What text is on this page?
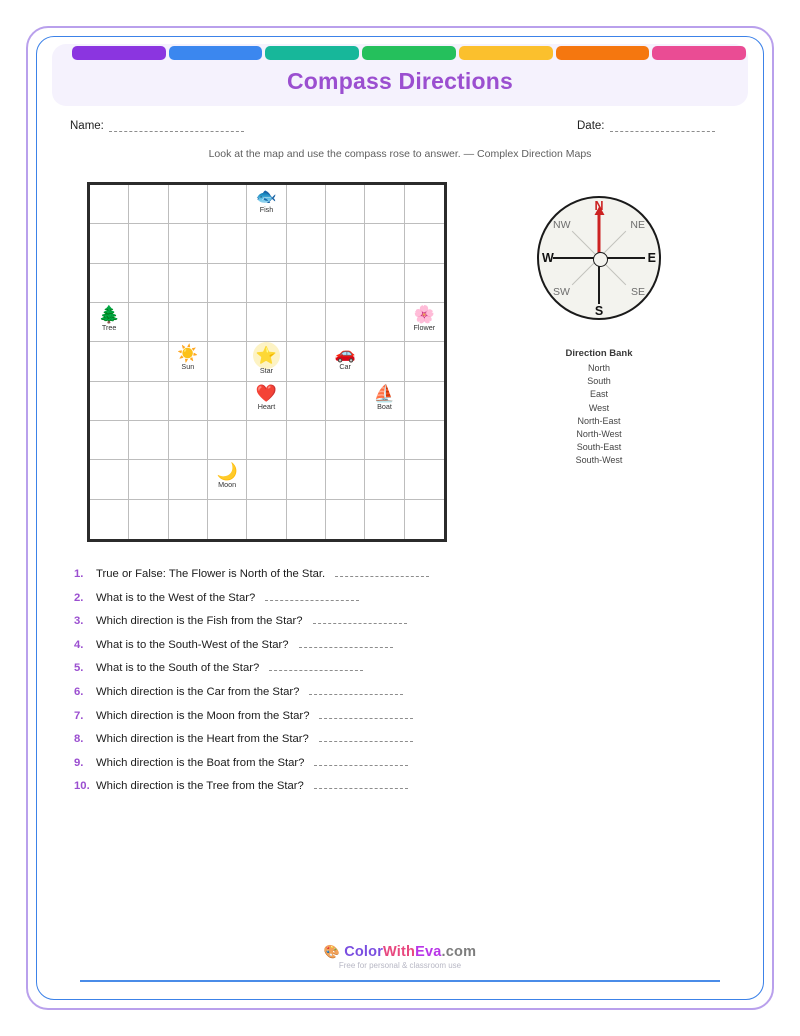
Compass Directions
Name:	Date:
Look at the map and use the compass rose to answer. — Complex Direction Maps
🐟
Fish
🌲
Tree
🌸
Flower
☀️
Sun
⭐
Star
🚗
Car
❤️
Heart
⛵
Boat
🌙
Moon
N
S
W	E
NW	NE
SW	SE
Direction Bank
North
South
East
West
North-East
North-West
South-East
South-West
1.	True or False: The Flower is North of the Star.
2.	What is to the West of the Star?
3.	Which direction is the Fish from the Star?
4.	What is to the South-West of the Star?
5.	What is to the South of the Star?
6.	Which direction is the Car from the Star?
7.	Which direction is the Moon from the Star?
8.	Which direction is the Heart from the Star?
9.	Which direction is the Boat from the Star?
10. Which direction is the Tree from the Star?
🎨 ColorWithEva.com
Free for personal & classroom use
